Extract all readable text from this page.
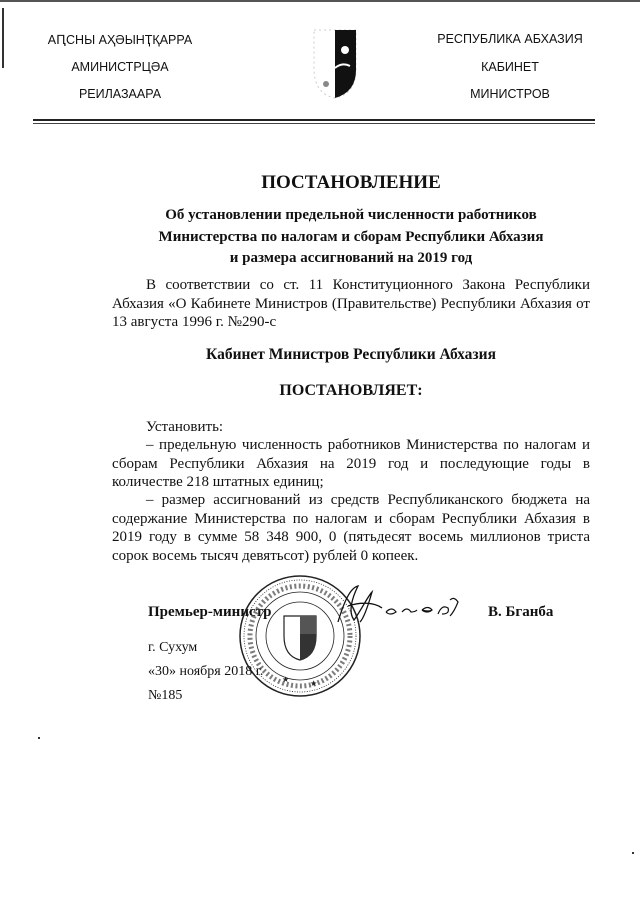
АԤСНЫ АҲӘЫНҬҚАРРА
АМИНИСТРЦӘА
РЕИЛАЗААРА
РЕСПУБЛИКА АБХАЗИЯ
КАБИНЕТ
МИНИСТРОВ
ПОСТАНОВЛЕНИЕ
Об установлении предельной численности работников
Министерства по налогам и сборам Республики Абхазия
и размера ассигнований на 2019 год
В соответствии со ст. 11 Конституционного Закона Республики Абхазия «О Кабинете Министров (Правительстве) Республики Абхазия от 13 августа 1996 г. №290-с
Кабинет Министров Республики Абхазия
ПОСТАНОВЛЯЕТ:
Установить:
– предельную численность работников Министерства по налогам и сборам Республики Абхазия на 2019 год и последующие годы в количестве 218 штатных единиц;
– размер ассигнований из средств Республиканского бюджета на содержание Министерства по налогам и сборам Республики Абхазия в 2019 году в сумме 58 348 900, 0 (пятьдесят восемь миллионов триста сорок восемь тысяч девятьсот) рублей 0 копеек.
Премьер-министр	В. Бганба
★	★
г. Сухум
«30» ноября 2018 г.
№185
